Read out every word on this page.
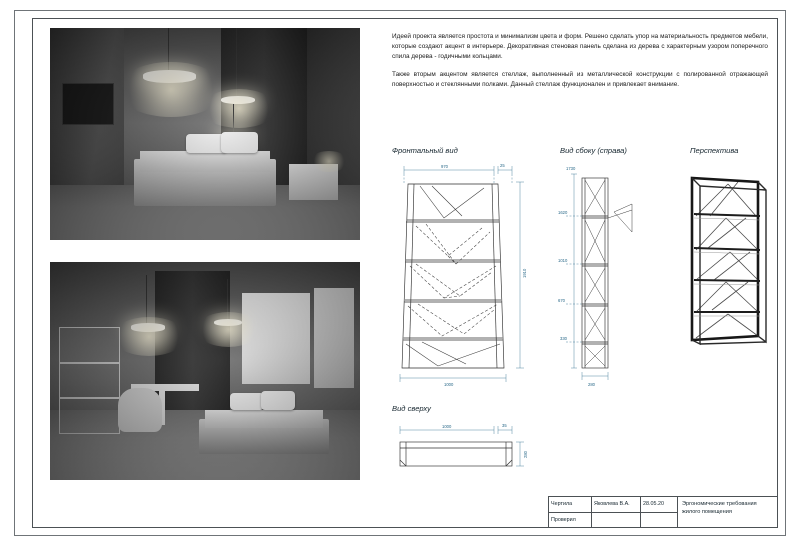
Идеей проекта является простота и минимализм цвета и форм. Решено сделать упор на материальность предметов мебели, которые создают акцент в интерьере. Декоративная стеновая панель сделана из дерева с характерным узором поперечного спила дерева - годичными кольцами.

Также вторым акцентом является стеллаж, выполненный из металлической конструкции с полированной отражающей поверхностью и стеклянными полками. Данный стеллаж функционален и привлекает внимание.

Фронтальный вид
970	25
1000
1910
Вид сбоку (справа)
1730
1620
1010
670
330
280
Перспектива
Вид сверху
1000	35
280
Чертила	Яковлева В.А.	28.05.20
Проверил
Эргономические требования жилого помещения
